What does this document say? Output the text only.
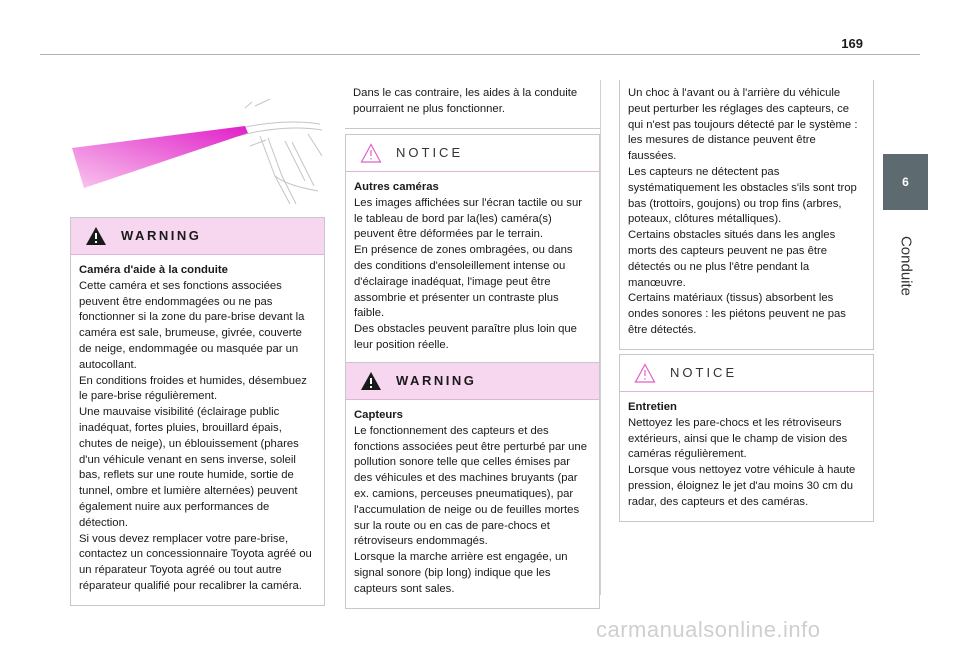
169
6
Conduite
WARNING
Caméra d'aide à la conduite

Cette caméra et ses fonctions associées peuvent être endommagées ou ne pas fonctionner si la zone du pare-brise devant la caméra est sale, brumeuse, givrée, couverte de neige, endommagée ou masquée par un autocollant.

En conditions froides et humides, désembuez le pare-brise régulièrement.

Une mauvaise visibilité (éclairage public inadéquat, fortes pluies, brouillard épais, chutes de neige), un éblouissement (phares d'un véhicule venant en sens inverse, soleil bas, reflets sur une route humide, sortie de tunnel, ombre et lumière alternées) peuvent également nuire aux performances de détection.

Si vous devez remplacer votre pare-brise, contactez un concessionnaire Toyota agréé ou un réparateur Toyota agréé ou tout autre réparateur qualifié pour recalibrer la caméra.

Dans le cas contraire, les aides à la conduite pourraient ne plus fonctionner.

NOTICE
Autres caméras

Les images affichées sur l'écran tactile ou sur le tableau de bord par la(les) caméra(s) peuvent être déformées par le terrain.

En présence de zones ombragées, ou dans des conditions d'ensoleillement intense ou d'éclairage inadéquat, l'image peut être assombrie et présenter un contraste plus faible.

Des obstacles peuvent paraître plus loin que leur position réelle.

WARNING
Capteurs

Le fonctionnement des capteurs et des fonctions associées peut être perturbé par une pollution sonore telle que celles émises par des véhicules et des machines bruyants (par ex. camions, perceuses pneumatiques), par l'accumulation de neige ou de feuilles mortes sur la route ou en cas de pare-chocs et rétroviseurs endommagés.

Lorsque la marche arrière est engagée, un signal sonore (bip long) indique que les capteurs sont sales.

Un choc à l'avant ou à l'arrière du véhicule peut perturber les réglages des capteurs, ce qui n'est pas toujours détecté par le système : les mesures de distance peuvent être faussées.

Les capteurs ne détectent pas systématiquement les obstacles s'ils sont trop bas (trottoirs, goujons) ou trop fins (arbres, poteaux, clôtures métalliques).

Certains obstacles situés dans les angles morts des capteurs peuvent ne pas être détectés ou ne plus l'être pendant la manœuvre.

Certains matériaux (tissus) absorbent les ondes sonores : les piétons peuvent ne pas être détectés.

NOTICE
Entretien

Nettoyez les pare-chocs et les rétroviseurs extérieurs, ainsi que le champ de vision des caméras régulièrement.

Lorsque vous nettoyez votre véhicule à haute pression, éloignez le jet d'au moins 30 cm du radar, des capteurs et des caméras.

carmanualsonline.info
